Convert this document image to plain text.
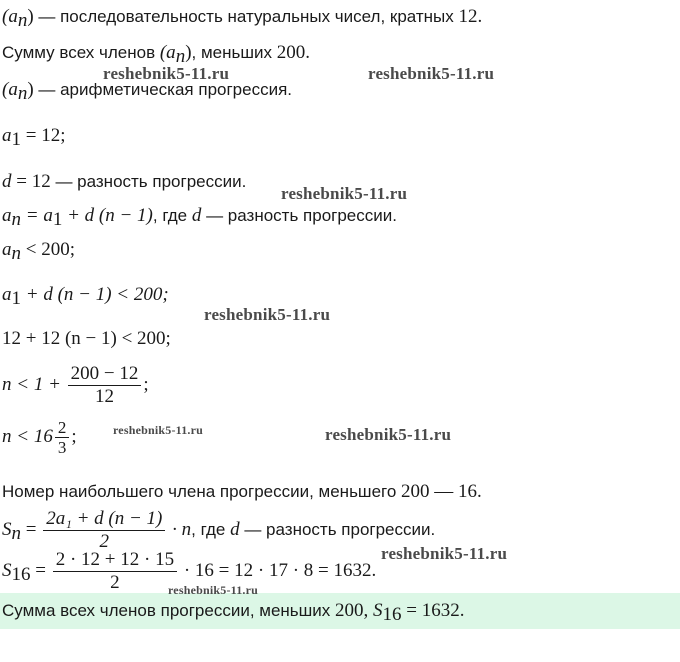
$(a_n)$ — последовательность натуральных чисел, кратных 12.
Сумму всех членов $(a_n)$, меньших 200.
$(a_n)$ — арифметическая прогрессия.
$a_1 = 12$;
d = 12 — разность прогрессии.
$a_n = a_1 + d$ (n − 1), где d — разность прогрессии.
$a_n < 200$;
$a_1 + d$ (n − 1) < 200;
12 + 12 (n − 1) < 200;
$n < 1 + \frac{200 - 12}{12}$ ;
$n < 16 \frac{2}{3}$ ;
Номер наибольшего члена прогрессии, меньшего 200 — 16.
$S_n = \frac{\text{2a₁ + d (n − 1)}}{2} \cdot n$, где d — разность прогрессии.
$S_{16} = \frac{2 \cdot 12 + 12 \cdot 15}{2} \cdot 16 = 12 \cdot 17 \cdot 8 = 1632$.
Сумма всех членов прогрессии, меньших 200, $S_{16} = 1632$.
reshebnik5-11.ru	reshebnik5-11.ru
reshebnik5-11.ru
reshebnik5-11.ru
reshebnik5-11.ru	reshebnik5-11.ru
reshebnik5-11.ru
reshebnik5-11.ru
